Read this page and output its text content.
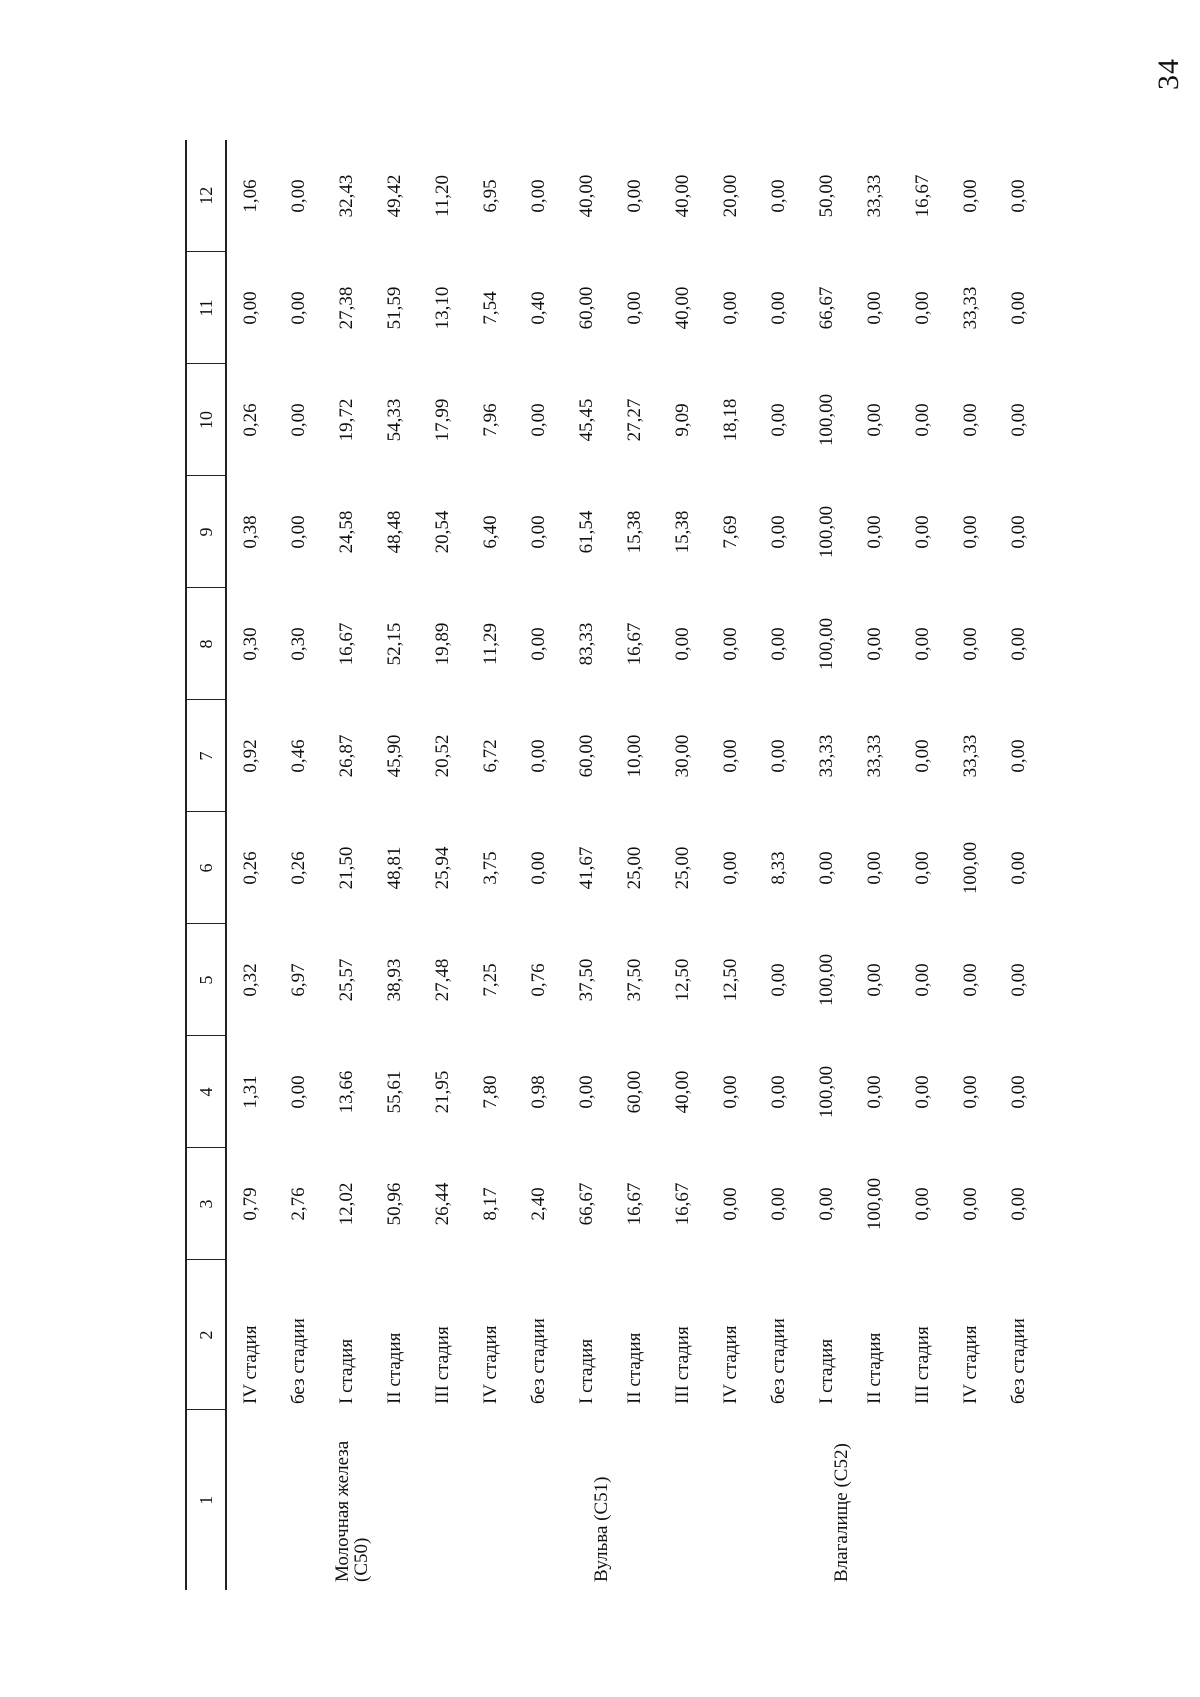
34
1	2	3	4	5	6	7	8	9	10	11	12
	IV стадия	0,79	1,31	0,32	0,26	0,92	0,30	0,38	0,26	0,00	1,06
	без стадии	2,76	0,00	6,97	0,26	0,46	0,30	0,00	0,00	0,00	0,00
Молочная железа (С50)	I стадия	12,02	13,66	25,57	21,50	26,87	16,67	24,58	19,72	27,38	32,43
	II стадия	50,96	55,61	38,93	48,81	45,90	52,15	48,48	54,33	51,59	49,42
	III стадия	26,44	21,95	27,48	25,94	20,52	19,89	20,54	17,99	13,10	11,20
	IV стадия	8,17	7,80	7,25	3,75	6,72	11,29	6,40	7,96	7,54	6,95
	без стадии	2,40	0,98	0,76	0,00	0,00	0,00	0,00	0,00	0,40	0,00
Вульва (С51)	I стадия	66,67	0,00	37,50	41,67	60,00	83,33	61,54	45,45	60,00	40,00
	II стадия	16,67	60,00	37,50	25,00	10,00	16,67	15,38	27,27	0,00	0,00
	III стадия	16,67	40,00	12,50	25,00	30,00	0,00	15,38	9,09	40,00	40,00
	IV стадия	0,00	0,00	12,50	0,00	0,00	0,00	7,69	18,18	0,00	20,00
	без стадии	0,00	0,00	0,00	8,33	0,00	0,00	0,00	0,00	0,00	0,00
Влагалище (С52)	I стадия	0,00	100,00	100,00	0,00	33,33	100,00	100,00	100,00	66,67	50,00
	II стадия	100,00	0,00	0,00	0,00	33,33	0,00	0,00	0,00	0,00	33,33
	III стадия	0,00	0,00	0,00	0,00	0,00	0,00	0,00	0,00	0,00	16,67
	IV стадия	0,00	0,00	0,00	100,00	33,33	0,00	0,00	0,00	33,33	0,00
	без стадии	0,00	0,00	0,00	0,00	0,00	0,00	0,00	0,00	0,00	0,00
